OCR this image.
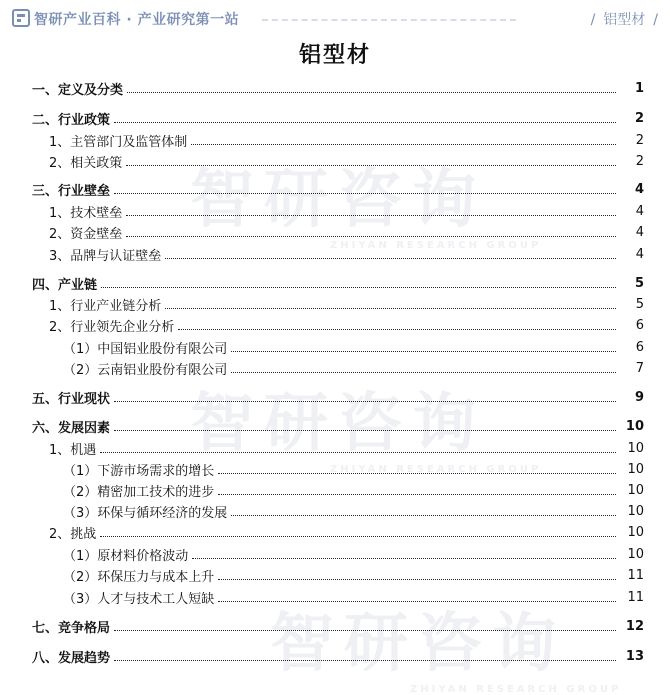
智研产业百科 · 产业研究第一站	/ 铝型材 /
铝型材
智研咨询
ZHIYAN RESEARCH GROUP
智研咨询
ZHIYAN RESEARCH GROUP
智研咨询
ZHIYAN RESEARCH GROUP
一、定义及分类	1
二、行业政策	2
1、主管部门及监管体制	2
2、相关政策	2
三、行业壁垒	4
1、技术壁垒	4
2、资金壁垒	4
3、品牌与认证壁垒	4
四、产业链	5
1、行业产业链分析	5
2、行业领先企业分析	6
（1）中国铝业股份有限公司	6
（2）云南铝业股份有限公司	7
五、行业现状	9
六、发展因素	10
1、机遇	10
（1）下游市场需求的增长	10
（2）精密加工技术的进步	10
（3）环保与循环经济的发展	10
2、挑战	10
（1）原材料价格波动	10
（2）环保压力与成本上升	11
（3）人才与技术工人短缺	11
七、竞争格局	12
八、发展趋势	13
